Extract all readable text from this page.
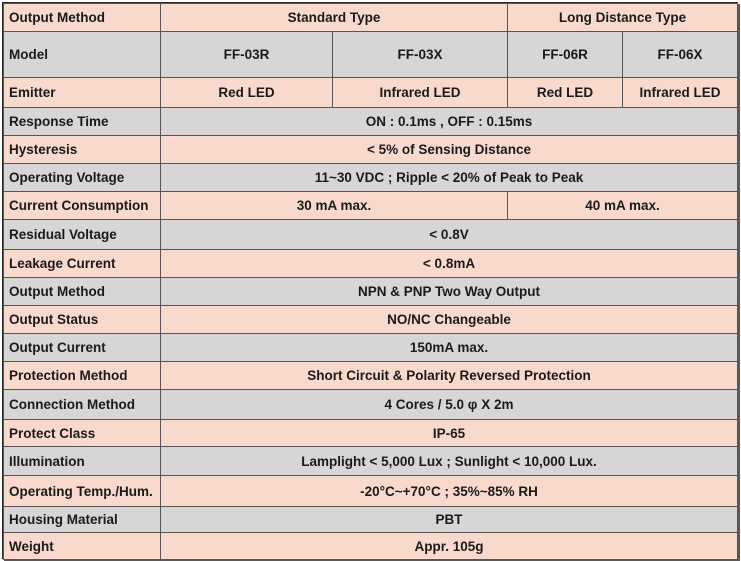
Output Method	Standard Type		Long Distance Type	
Model	FF-03R	FF-03X	FF-06R	FF-06X
Emitter	Red LED	Infrared LED	Red LED	Infrared LED
Response Time	ON : 0.1ms , OFF : 0.15ms			
Hysteresis	< 5% of Sensing Distance			
Operating Voltage	11~30 VDC ; Ripple < 20% of Peak to Peak			
Current Consumption	30 mA max.		40 mA max.	
Residual Voltage	< 0.8V			
Leakage Current	< 0.8mA			
Output Method	NPN & PNP Two Way Output			
Output Status	NO/NC Changeable			
Output Current	150mA max.			
Protection Method	Short Circuit & Polarity Reversed Protection			
Connection Method	4 Cores / 5.0 φ X 2m			
Protect Class	IP-65			
Illumination	Lamplight < 5,000 Lux ; Sunlight < 10,000 Lux.			
Operating Temp./Hum.	-20°C~+70°C ; 35%~85% RH			
Housing Material	PBT			
Weight	Appr. 105g			
